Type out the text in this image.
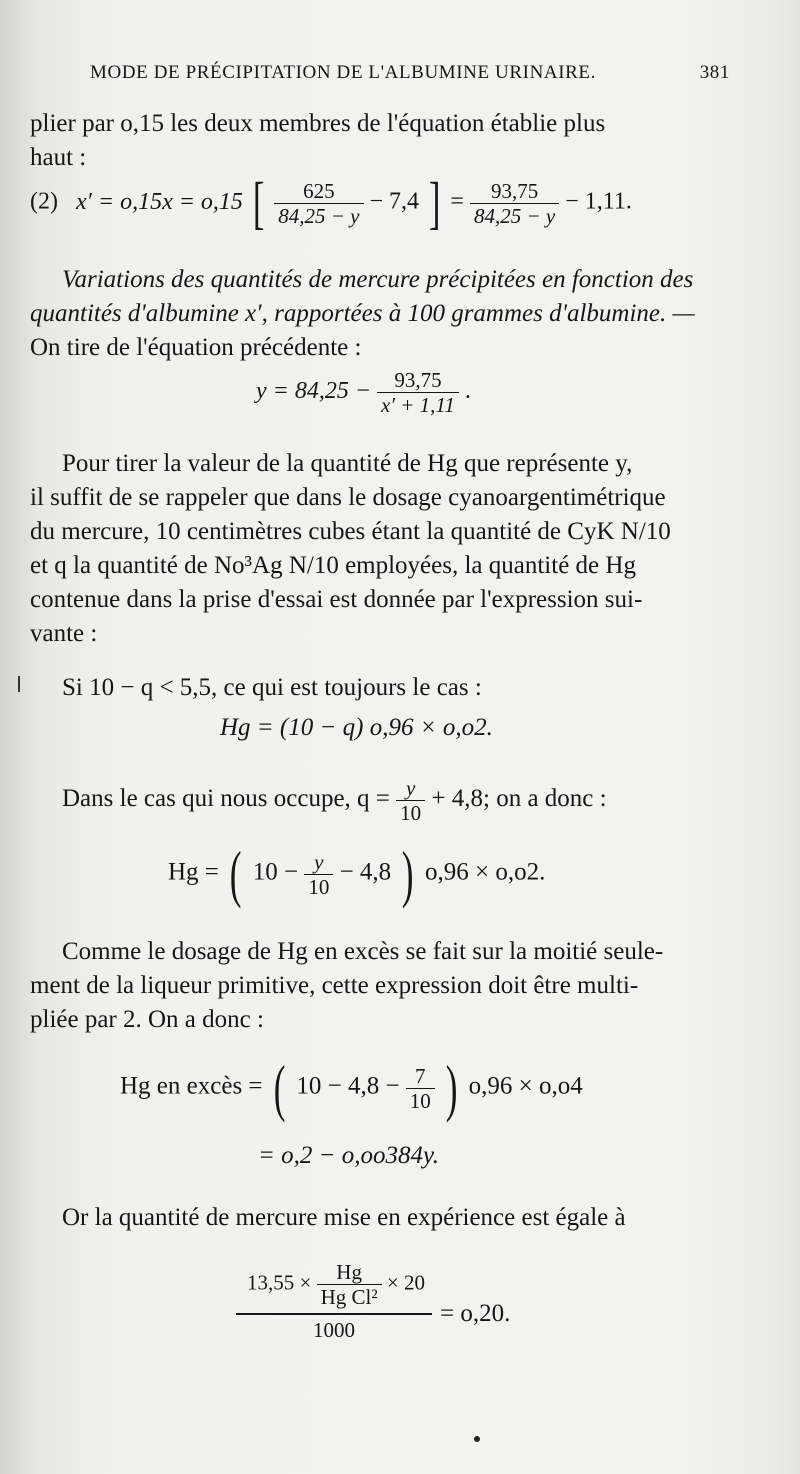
MODE DE PRÉCIPITATION DE L'ALBUMINE URINAIRE.	381
plier par o,15 les deux membres de l'équation établie plus
haut :
(2) x′ = o,15x = o,15 [ $\frac{625}{84,25 - y} - 7,4$ ] = $\frac{93,75}{84,25 - y} - 1,11$.
Variations des quantités de mercure précipitées en fonction des
quantités d'albumine x′, rapportées à 100 grammes d'albumine. —
On tire de l'équation précédente :
$y = 84,25 - \frac{93,75}{x' + 1,11}$ .
Pour tirer la valeur de la quantité de Hg que représente y,
il suffit de se rappeler que dans le dosage cyanoargentimétrique
du mercure, 10 centimètres cubes étant la quantité de CyK N/10
et q la quantité de No³Ag N/10 employées, la quantité de Hg
contenue dans la prise d'essai est donnée par l'expression sui-
vante :
Si 10 − q < 5,5, ce qui est toujours le cas :
Hg = (10 − q) o,96 × o,o2.
Dans le cas qui nous occupe, $q = \frac{y}{10} + 4,8$; on a donc :
Hg = ( $10 - \frac{y}{10} - 4,8$ ) o,96 × o,o2.
Comme le dosage de Hg en excès se fait sur la moitié seule-
ment de la liqueur primitive, cette expression doit être multi-
pliée par 2. On a donc :
Hg en excès = ( $10 - 4,8 - \frac{7}{10}$ ) o,96 × o,o4
= o,2 − o,oo384y.
Or la quantité de mercure mise en expérience est égale à
$13,55 \times \frac{Hg}{\text{Hg Cl²}} \times 20$
1000
= o,20.
